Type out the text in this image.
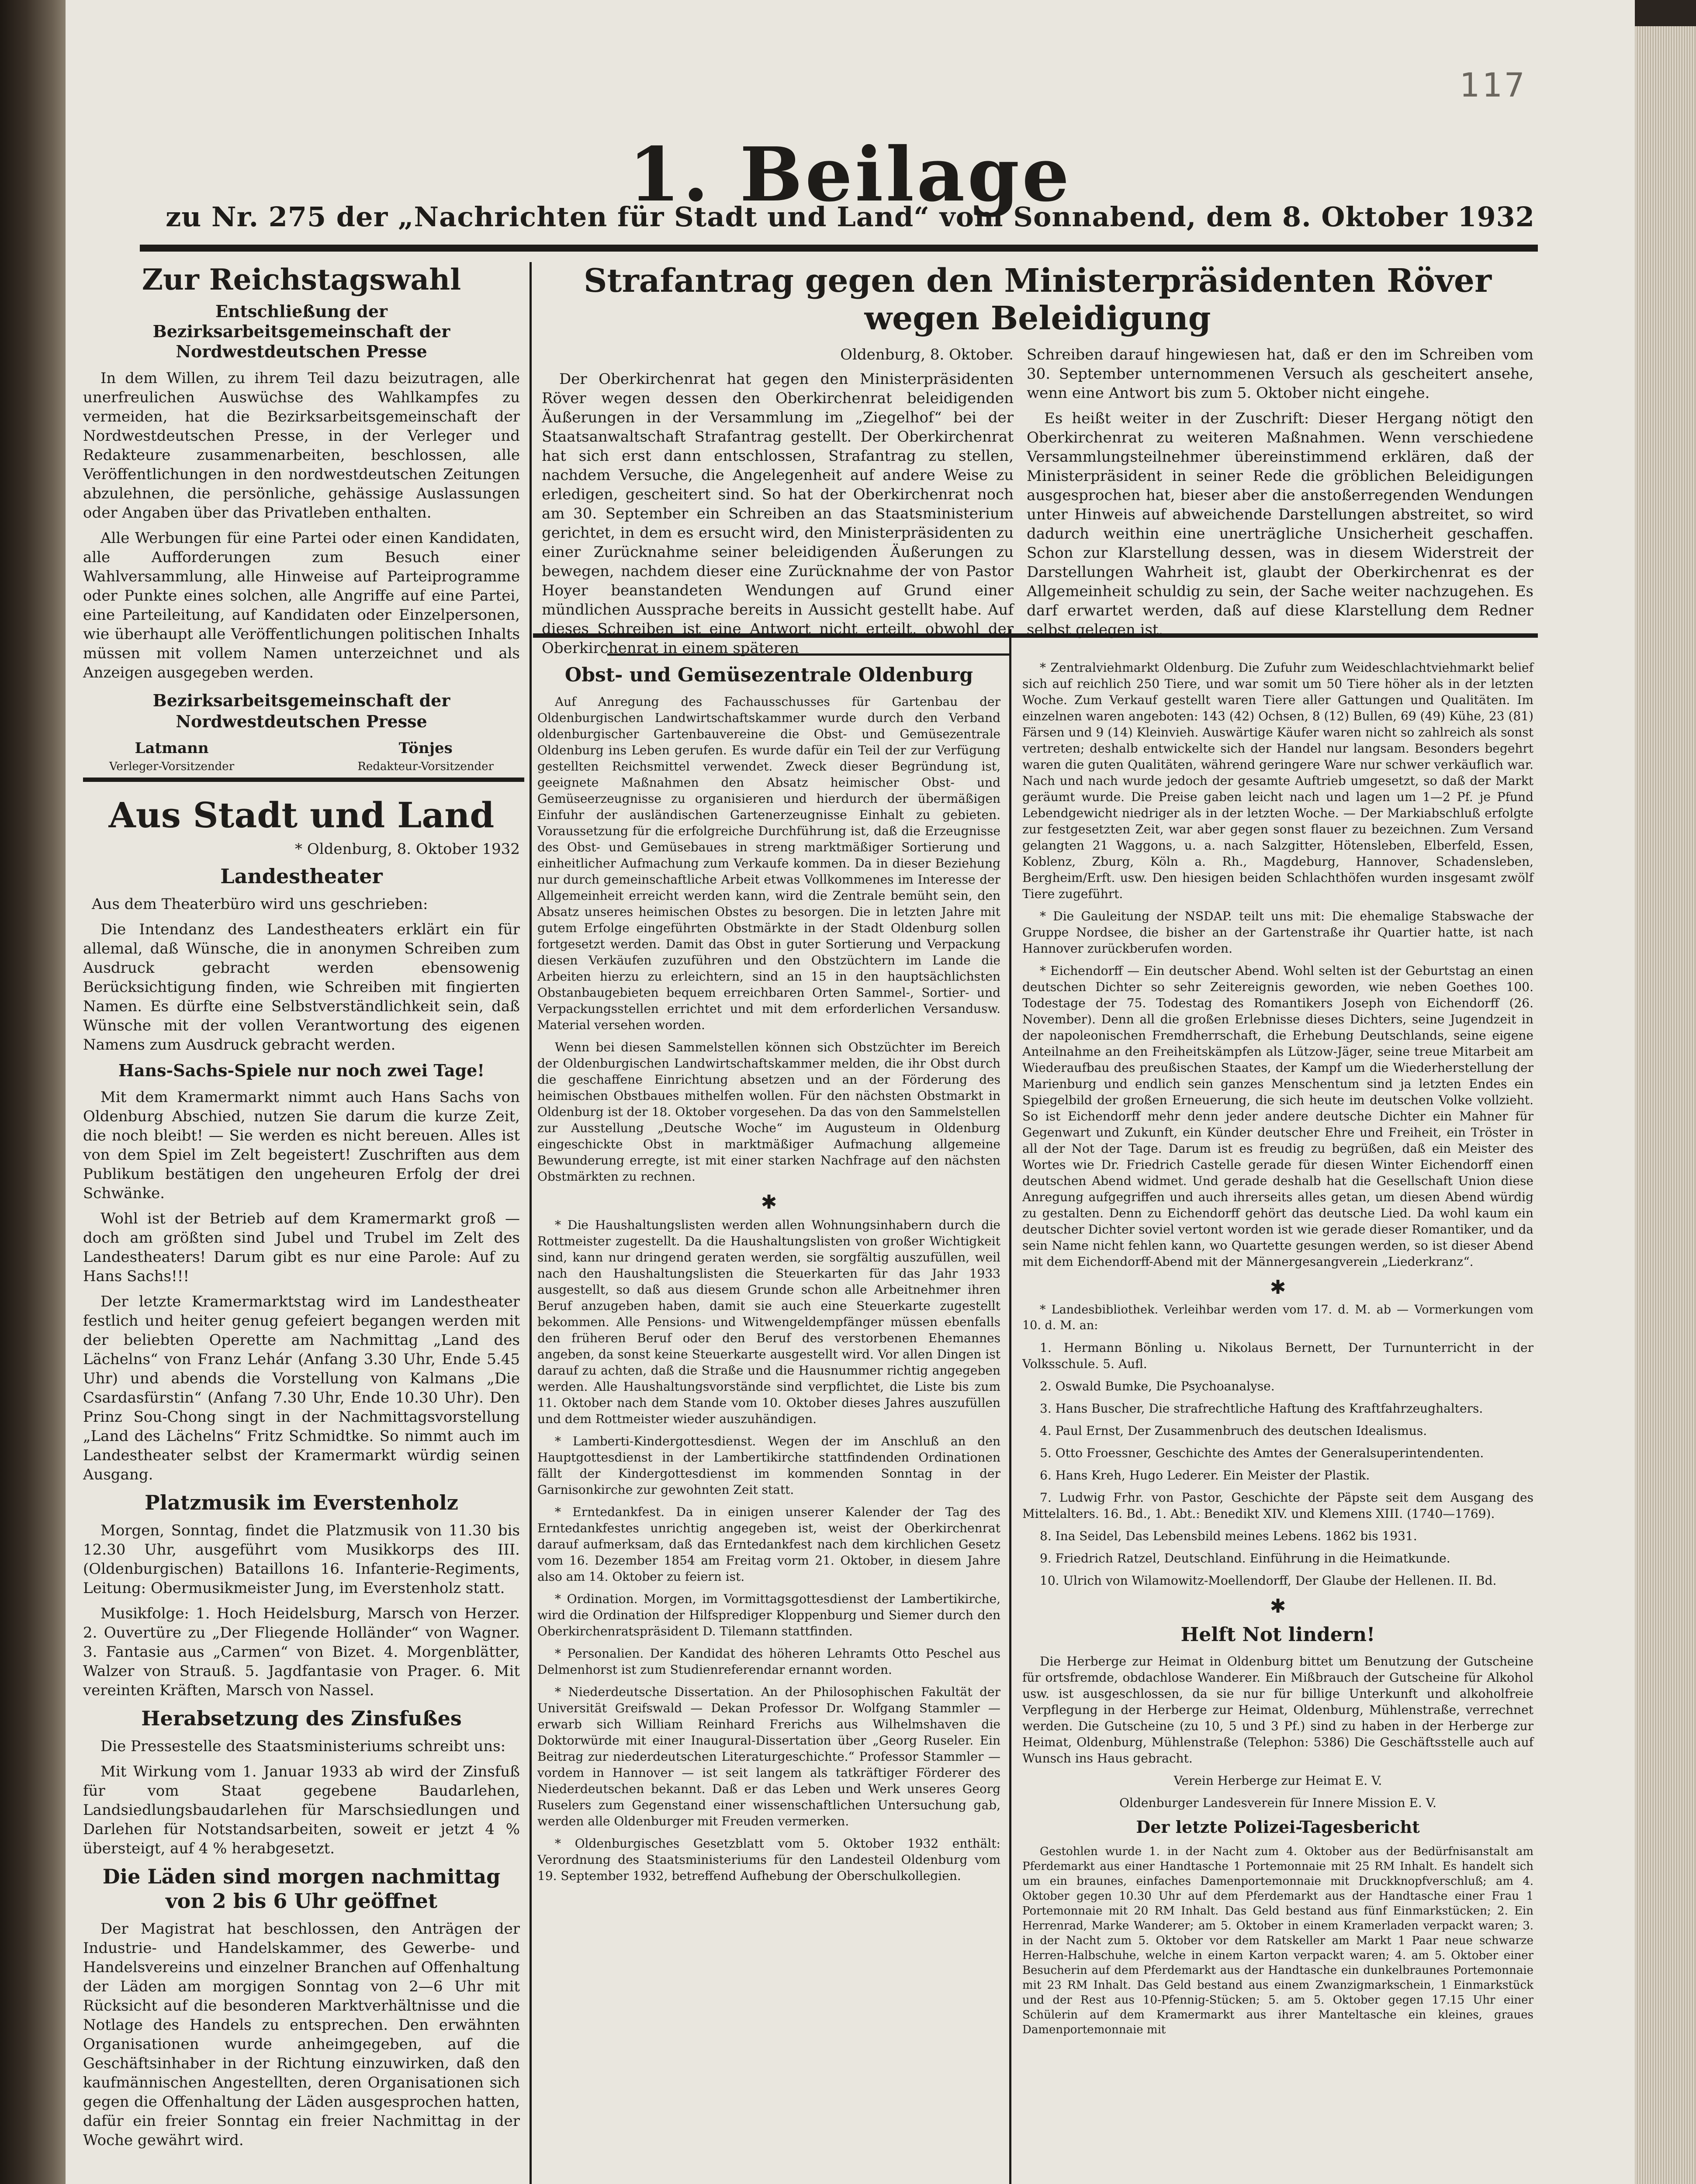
117
1. Beilage
zu Nr. 275 der „Nachrichten für Stadt und Land“ vom Sonnabend, dem 8. Oktober 1932
Zur Reichstagswahl
Entschließung der Bezirksarbeitsgemeinschaft der Nordwestdeutschen Presse

In dem Willen, zu ihrem Teil dazu beizutragen, alle unerfreulichen Auswüchse des Wahlkampfes zu vermeiden, hat die Bezirksarbeitsgemeinschaft der Nordwestdeutschen Presse, in der Verleger und Redakteure zusammenarbeiten, beschlossen, alle Veröffentlichungen in den nordwestdeutschen Zeitungen abzulehnen, die persönliche, gehässige Auslassungen oder Angaben über das Privatleben enthalten.

Alle Werbungen für eine Partei oder einen Kandidaten, alle Aufforderungen zum Besuch einer Wahlversammlung, alle Hinweise auf Parteiprogramme oder Punkte eines solchen, alle Angriffe auf eine Partei, eine Parteileitung, auf Kandidaten oder Einzelpersonen, wie überhaupt alle Veröffentlichungen politischen Inhalts müssen mit vollem Namen unterzeichnet und als Anzeigen ausgegeben werden.

Bezirksarbeitsgemeinschaft der Nordwestdeutschen Presse
Latmann
Verleger-Vorsitzender
Tönjes
Redakteur-Vorsitzender
Aus Stadt und Land
* Oldenburg, 8. Oktober 1932
Landestheater

Aus dem Theaterbüro wird uns geschrieben:

Die Intendanz des Landestheaters erklärt ein für allemal, daß Wünsche, die in anonymen Schreiben zum Ausdruck gebracht werden ebensowenig Berücksichtigung finden, wie Schreiben mit fingierten Namen. Es dürfte eine Selbstverständlichkeit sein, daß Wünsche mit der vollen Verantwortung des eigenen Namens zum Ausdruck gebracht werden.

Hans-Sachs-Spiele nur noch zwei Tage!

Mit dem Kramermarkt nimmt auch Hans Sachs von Oldenburg Abschied, nutzen Sie darum die kurze Zeit, die noch bleibt! — Sie werden es nicht bereuen. Alles ist von dem Spiel im Zelt begeistert! Zuschriften aus dem Publikum bestätigen den ungeheuren Erfolg der drei Schwänke.

Wohl ist der Betrieb auf dem Kramermarkt groß — doch am größten sind Jubel und Trubel im Zelt des Landestheaters! Darum gibt es nur eine Parole: Auf zu Hans Sachs!!!

Der letzte Kramermarktstag wird im Landestheater festlich und heiter genug gefeiert begangen werden mit der beliebten Operette am Nachmittag „Land des Lächelns“ von Franz Lehár (Anfang 3.30 Uhr, Ende 5.45 Uhr) und abends die Vorstellung von Kalmans „Die Csardasfürstin“ (Anfang 7.30 Uhr, Ende 10.30 Uhr). Den Prinz Sou-Chong singt in der Nachmittagsvorstellung „Land des Lächelns“ Fritz Schmidtke. So nimmt auch im Landestheater selbst der Kramermarkt würdig seinen Ausgang.

Platzmusik im Everstenholz

Morgen, Sonntag, findet die Platzmusik von 11.30 bis 12.30 Uhr, ausgeführt vom Musikkorps des III. (Oldenburgischen) Bataillons 16. Infanterie-Regiments, Leitung: Obermusikmeister Jung, im Everstenholz statt.

Musikfolge: 1. Hoch Heidelsburg, Marsch von Herzer. 2. Ouvertüre zu „Der Fliegende Holländer“ von Wagner. 3. Fantasie aus „Carmen“ von Bizet. 4. Morgenblätter, Walzer von Strauß. 5. Jagdfantasie von Prager. 6. Mit vereinten Kräften, Marsch von Nassel.

Herabsetzung des Zinsfußes

Die Pressestelle des Staatsministeriums schreibt uns:

Mit Wirkung vom 1. Januar 1933 ab wird der Zinsfuß für vom Staat gegebene Baudarlehen, Landsiedlungsbaudarlehen für Marschsiedlungen und Darlehen für Notstandsarbeiten, soweit er jetzt 4 % übersteigt, auf 4 % herabgesetzt.

Die Läden sind morgen nachmittag von 2 bis 6 Uhr geöffnet

Der Magistrat hat beschlossen, den Anträgen der Industrie- und Handelskammer, des Gewerbe- und Handelsvereins und einzelner Branchen auf Offenhaltung der Läden am morgigen Sonntag von 2—6 Uhr mit Rücksicht auf die besonderen Marktverhältnisse und die Notlage des Handels zu entsprechen. Den erwähnten Organisationen wurde anheimgegeben, auf die Geschäftsinhaber in der Richtung einzuwirken, daß den kaufmännischen Angestellten, deren Organisationen sich gegen die Offenhaltung der Läden ausgesprochen hatten, dafür ein freier Sonntag ein freier Nachmittag in der Woche gewährt wird.

Strafantrag gegen den Ministerpräsidenten Röver wegen Beleidigung
Oldenburg, 8. Oktober.

Der Oberkirchenrat hat gegen den Ministerpräsidenten Röver wegen dessen den Oberkirchenrat beleidigenden Äußerungen in der Versammlung im „Ziegelhof“ bei der Staatsanwaltschaft Strafantrag gestellt. Der Oberkirchenrat hat sich erst dann entschlossen, Strafantrag zu stellen, nachdem Versuche, die Angelegenheit auf andere Weise zu erledigen, gescheitert sind. So hat der Oberkirchenrat noch am 30. September ein Schreiben an das Staatsministerium gerichtet, in dem es ersucht wird, den Ministerpräsidenten zu einer Zurücknahme seiner beleidigenden Äußerungen zu bewegen, nachdem dieser eine Zurücknahme der von Pastor Hoyer beanstandeten Wendungen auf Grund einer mündlichen Aussprache bereits in Aussicht gestellt habe. Auf dieses Schreiben ist eine Antwort nicht erteilt, obwohl der Oberkirchenrat in einem späteren

Schreiben darauf hingewiesen hat, daß er den im Schreiben vom 30. September unternommenen Versuch als gescheitert ansehe, wenn eine Antwort bis zum 5. Oktober nicht eingehe.

Es heißt weiter in der Zuschrift: Dieser Hergang nötigt den Oberkirchenrat zu weiteren Maßnahmen. Wenn verschiedene Versammlungsteilnehmer übereinstimmend erklären, daß der Ministerpräsident in seiner Rede die gröblichen Beleidigungen ausgesprochen hat, bieser aber die anstoßerregenden Wendungen unter Hinweis auf abweichende Darstellungen abstreitet, so wird dadurch weithin eine unerträgliche Unsicherheit geschaffen. Schon zur Klarstellung dessen, was in diesem Widerstreit der Darstellungen Wahrheit ist, glaubt der Oberkirchenrat es der Allgemeinheit schuldig zu sein, der Sache weiter nachzugehen. Es darf erwartet werden, daß auf diese Klarstellung dem Redner selbst gelegen ist.

Obst- und Gemüsezentrale Oldenburg

Auf Anregung des Fachausschusses für Gartenbau der Oldenburgischen Landwirtschaftskammer wurde durch den Verband oldenburgischer Gartenbauvereine die Obst- und Gemüsezentrale Oldenburg ins Leben gerufen. Es wurde dafür ein Teil der zur Verfügung gestellten Reichsmittel verwendet. Zweck dieser Begründung ist, geeignete Maßnahmen den Absatz heimischer Obst- und Gemüseerzeugnisse zu organisieren und hierdurch der übermäßigen Einfuhr der ausländischen Gartenerzeugnisse Einhalt zu gebieten. Voraussetzung für die erfolgreiche Durchführung ist, daß die Erzeugnisse des Obst- und Gemüsebaues in streng marktmäßiger Sortierung und einheitlicher Aufmachung zum Verkaufe kommen. Da in dieser Beziehung nur durch gemeinschaftliche Arbeit etwas Vollkommenes im Interesse der Allgemeinheit erreicht werden kann, wird die Zentrale bemüht sein, den Absatz unseres heimischen Obstes zu besorgen. Die in letzten Jahre mit gutem Erfolge eingeführten Obstmärkte in der Stadt Oldenburg sollen fortgesetzt werden. Damit das Obst in guter Sortierung und Verpackung diesen Verkäufen zuzuführen und den Obstzüchtern im Lande die Arbeiten hierzu zu erleichtern, sind an 15 in den hauptsächlichsten Obstanbaugebieten bequem erreichbaren Orten Sammel-, Sortier- und Verpackungsstellen errichtet und mit dem erforderlichen Versandusw. Material versehen worden.

Wenn bei diesen Sammelstellen können sich Obstzüchter im Bereich der Oldenburgischen Landwirtschaftskammer melden, die ihr Obst durch die geschaffene Einrichtung absetzen und an der Förderung des heimischen Obstbaues mithelfen wollen. Für den nächsten Obstmarkt in Oldenburg ist der 18. Oktober vorgesehen. Da das von den Sammelstellen zur Ausstellung „Deutsche Woche“ im Augusteum in Oldenburg eingeschickte Obst in marktmäßiger Aufmachung allgemeine Bewunderung erregte, ist mit einer starken Nachfrage auf den nächsten Obstmärkten zu rechnen.

✱

* Die Haushaltungslisten werden allen Wohnungsinhabern durch die Rottmeister zugestellt. Da die Haushaltungslisten von großer Wichtigkeit sind, kann nur dringend geraten werden, sie sorgfältig auszufüllen, weil nach den Haushaltungslisten die Steuerkarten für das Jahr 1933 ausgestellt, so daß aus diesem Grunde schon alle Arbeitnehmer ihren Beruf anzugeben haben, damit sie auch eine Steuerkarte zugestellt bekommen. Alle Pensions- und Witwengeldempfänger müssen ebenfalls den früheren Beruf oder den Beruf des verstorbenen Ehemannes angeben, da sonst keine Steuerkarte ausgestellt wird. Vor allen Dingen ist darauf zu achten, daß die Straße und die Hausnummer richtig angegeben werden. Alle Haushaltungsvorstände sind verpflichtet, die Liste bis zum 11. Oktober nach dem Stande vom 10. Oktober dieses Jahres auszufüllen und dem Rottmeister wieder auszuhändigen.

* Lamberti-Kindergottesdienst. Wegen der im Anschluß an den Hauptgottesdienst in der Lambertikirche stattfindenden Ordinationen fällt der Kindergottesdienst im kommenden Sonntag in der Garnisonkirche zur gewohnten Zeit statt.

* Erntedankfest. Da in einigen unserer Kalender der Tag des Erntedankfestes unrichtig angegeben ist, weist der Oberkirchenrat darauf aufmerksam, daß das Erntedankfest nach dem kirchlichen Gesetz vom 16. Dezember 1854 am Freitag vorm 21. Oktober, in diesem Jahre also am 14. Oktober zu feiern ist.

* Ordination. Morgen, im Vormittagsgottesdienst der Lambertikirche, wird die Ordination der Hilfsprediger Kloppenburg und Siemer durch den Oberkirchenratspräsident D. Tilemann stattfinden.

* Personalien. Der Kandidat des höheren Lehramts Otto Peschel aus Delmenhorst ist zum Studienreferendar ernannt worden.

* Niederdeutsche Dissertation. An der Philosophischen Fakultät der Universität Greifswald — Dekan Professor Dr. Wolfgang Stammler — erwarb sich William Reinhard Frerichs aus Wilhelmshaven die Doktorwürde mit einer Inaugural-Dissertation über „Georg Ruseler. Ein Beitrag zur niederdeutschen Literaturgeschichte.“ Professor Stammler — vordem in Hannover — ist seit langem als tatkräftiger Förderer des Niederdeutschen bekannt. Daß er das Leben und Werk unseres Georg Ruselers zum Gegenstand einer wissenschaftlichen Untersuchung gab, werden alle Oldenburger mit Freuden vermerken.

* Oldenburgisches Gesetzblatt vom 5. Oktober 1932 enthält: Verordnung des Staatsministeriums für den Landesteil Oldenburg vom 19. September 1932, betreffend Aufhebung der Oberschulkollegien.

* Zentralviehmarkt Oldenburg. Die Zufuhr zum Weideschlachtviehmarkt belief sich auf reichlich 250 Tiere, und war somit um 50 Tiere höher als in der letzten Woche. Zum Verkauf gestellt waren Tiere aller Gattungen und Qualitäten. Im einzelnen waren angeboten: 143 (42) Ochsen, 8 (12) Bullen, 69 (49) Kühe, 23 (81) Färsen und 9 (14) Kleinvieh. Auswärtige Käufer waren nicht so zahlreich als sonst vertreten; deshalb entwickelte sich der Handel nur langsam. Besonders begehrt waren die guten Qualitäten, während geringere Ware nur schwer verkäuflich war. Nach und nach wurde jedoch der gesamte Auftrieb umgesetzt, so daß der Markt geräumt wurde. Die Preise gaben leicht nach und lagen um 1—2 Pf. je Pfund Lebendgewicht niedriger als in der letzten Woche. — Der Markiabschluß erfolgte zur festgesetzten Zeit, war aber gegen sonst flauer zu bezeichnen. Zum Versand gelangten 21 Waggons, u. a. nach Salzgitter, Hötensleben, Elberfeld, Essen, Koblenz, Zburg, Köln a. Rh., Magdeburg, Hannover, Schadensleben, Bergheim/Erft. usw. Den hiesigen beiden Schlachthöfen wurden insgesamt zwölf Tiere zugeführt.

* Die Gauleitung der NSDAP. teilt uns mit: Die ehemalige Stabswache der Gruppe Nordsee, die bisher an der Gartenstraße ihr Quartier hatte, ist nach Hannover zurückberufen worden.

* Eichendorff — Ein deutscher Abend. Wohl selten ist der Geburtstag an einen deutschen Dichter so sehr Zeitereignis geworden, wie neben Goethes 100. Todestage der 75. Todestag des Romantikers Joseph von Eichendorff (26. November). Denn all die großen Erlebnisse dieses Dichters, seine Jugendzeit in der napoleonischen Fremdherrschaft, die Erhebung Deutschlands, seine eigene Anteilnahme an den Freiheitskämpfen als Lützow-Jäger, seine treue Mitarbeit am Wiederaufbau des preußischen Staates, der Kampf um die Wiederherstellung der Marienburg und endlich sein ganzes Menschentum sind ja letzten Endes ein Spiegelbild der großen Erneuerung, die sich heute im deutschen Volke vollzieht. So ist Eichendorff mehr denn jeder andere deutsche Dichter ein Mahner für Gegenwart und Zukunft, ein Künder deutscher Ehre und Freiheit, ein Tröster in all der Not der Tage. Darum ist es freudig zu begrüßen, daß ein Meister des Wortes wie Dr. Friedrich Castelle gerade für diesen Winter Eichendorff einen deutschen Abend widmet. Und gerade deshalb hat die Gesellschaft Union diese Anregung aufgegriffen und auch ihrerseits alles getan, um diesen Abend würdig zu gestalten. Denn zu Eichendorff gehört das deutsche Lied. Da wohl kaum ein deutscher Dichter soviel vertont worden ist wie gerade dieser Romantiker, und da sein Name nicht fehlen kann, wo Quartette gesungen werden, so ist dieser Abend mit dem Eichendorff-Abend mit der Männergesangverein „Liederkranz“.

✱

* Landesbibliothek. Verleihbar werden vom 17. d. M. ab — Vormerkungen vom 10. d. M. an:

1. Hermann Bönling u. Nikolaus Bernett, Der Turnunterricht in der Volksschule. 5. Aufl.

2. Oswald Bumke, Die Psychoanalyse.

3. Hans Buscher, Die strafrechtliche Haftung des Kraftfahrzeughalters.

4. Paul Ernst, Der Zusammenbruch des deutschen Idealismus.

5. Otto Froessner, Geschichte des Amtes der Generalsuperintendenten.

6. Hans Kreh, Hugo Lederer. Ein Meister der Plastik.

7. Ludwig Frhr. von Pastor, Geschichte der Päpste seit dem Ausgang des Mittelalters. 16. Bd., 1. Abt.: Benedikt XIV. und Klemens XIII. (1740—1769).

8. Ina Seidel, Das Lebensbild meines Lebens. 1862 bis 1931.

9. Friedrich Ratzel, Deutschland. Einführung in die Heimatkunde.

10. Ulrich von Wilamowitz-Moellendorff, Der Glaube der Hellenen. II. Bd.

✱
Helft Not lindern!

Die Herberge zur Heimat in Oldenburg bittet um Benutzung der Gutscheine für ortsfremde, obdachlose Wanderer. Ein Mißbrauch der Gutscheine für Alkohol usw. ist ausgeschlossen, da sie nur für billige Unterkunft und alkoholfreie Verpflegung in der Herberge zur Heimat, Oldenburg, Mühlenstraße, verrechnet werden. Die Gutscheine (zu 10, 5 und 3 Pf.) sind zu haben in der Herberge zur Heimat, Oldenburg, Mühlenstraße (Telephon: 5386) Die Geschäftsstelle auch auf Wunsch ins Haus gebracht.

Verein Herberge zur Heimat E. V.

Oldenburger Landesverein für Innere Mission E. V.

Der letzte Polizei-Tagesbericht

Gestohlen wurde 1. in der Nacht zum 4. Oktober aus der Bedürfnisanstalt am Pferdemarkt aus einer Handtasche 1 Portemonnaie mit 25 RM Inhalt. Es handelt sich um ein braunes, einfaches Damenportemonnaie mit Druckknopfverschluß; am 4. Oktober gegen 10.30 Uhr auf dem Pferdemarkt aus der Handtasche einer Frau 1 Portemonnaie mit 20 RM Inhalt. Das Geld bestand aus fünf Einmarkstücken; 2. Ein Herrenrad, Marke Wanderer; am 5. Oktober in einem Kramerladen verpackt waren; 3. in der Nacht zum 5. Oktober vor dem Ratskeller am Markt 1 Paar neue schwarze Herren-Halbschuhe, welche in einem Karton verpackt waren; 4. am 5. Oktober einer Besucherin auf dem Pferdemarkt aus der Handtasche ein dunkelbraunes Portemonnaie mit 23 RM Inhalt. Das Geld bestand aus einem Zwanzigmarkschein, 1 Einmarkstück und der Rest aus 10-Pfennig-Stücken; 5. am 5. Oktober gegen 17.15 Uhr einer Schülerin auf dem Kramermarkt aus ihrer Manteltasche ein kleines, graues Damenportemonnaie mit
